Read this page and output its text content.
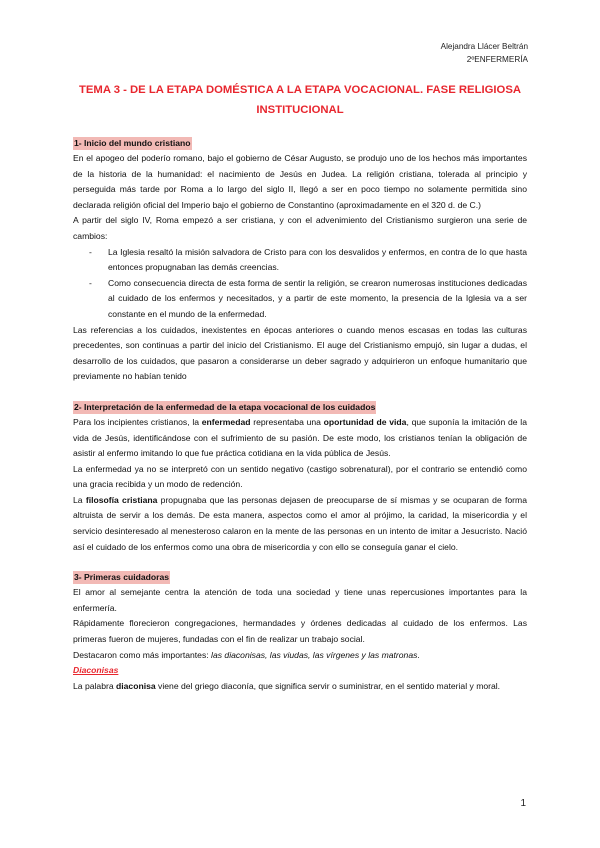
Alejandra Llácer Beltrán
2ºENFERMERÍA
TEMA 3 - DE LA ETAPA DOMÉSTICA A LA ETAPA VOCACIONAL. FASE RELIGIOSA
INSTITUCIONAL
1- Inicio del mundo cristiano

En el apogeo del poderío romano, bajo el gobierno de César Augusto, se produjo uno de los hechos más importantes de la historia de la humanidad: el nacimiento de Jesús en Judea. La religión cristiana, tolerada al principio y perseguida más tarde por Roma a lo largo del siglo II, llegó a ser en poco tiempo no solamente permitida sino declarada religión oficial del Imperio bajo el gobierno de Constantino (aproximadamente en el 320 d. de C.)

A partir del siglo IV, Roma empezó a ser cristiana, y con el advenimiento del Cristianismo surgieron una serie de cambios:

- La Iglesia resaltó la misión salvadora de Cristo para con los desvalidos y enfermos, en contra de lo que hasta entonces propugnaban las demás creencias.
- Como consecuencia directa de esta forma de sentir la religión, se crearon numerosas instituciones dedicadas al cuidado de los enfermos y necesitados, y a partir de este momento, la presencia de la Iglesia va a ser constante en el mundo de la enfermedad.

Las referencias a los cuidados, inexistentes en épocas anteriores o cuando menos escasas en todas las culturas precedentes, son continuas a partir del inicio del Cristianismo. El auge del Cristianismo empujó, sin lugar a dudas, el desarrollo de los cuidados, que pasaron a considerarse un deber sagrado y adquirieron un enfoque humanitario que previamente no habían tenido

2- Interpretación de la enfermedad de la etapa vocacional de los cuidados

Para los incipientes cristianos, la enfermedad representaba una oportunidad de vida, que suponía la imitación de la vida de Jesús, identificándose con el sufrimiento de su pasión. De este modo, los cristianos tenían la obligación de asistir al enfermo imitando lo que fue práctica cotidiana en la vida pública de Jesús.

La enfermedad ya no se interpretó con un sentido negativo (castigo sobrenatural), por el contrario se entendió como una gracia recibida y un modo de redención.

La filosofía cristiana propugnaba que las personas dejasen de preocuparse de sí mismas y se ocuparan de forma altruista de servir a los demás. De esta manera, aspectos como el amor al prójimo, la caridad, la misericordia y el servicio desinteresado al menesteroso calaron en la mente de las personas en un intento de imitar a Jesucristo. Nació así el cuidado de los enfermos como una obra de misericordia y con ello se conseguía ganar el cielo.

3- Primeras cuidadoras

El amor al semejante centra la atención de toda una sociedad y tiene unas repercusiones importantes para la enfermería.

Rápidamente florecieron congregaciones, hermandades y órdenes dedicadas al cuidado de los enfermos. Las primeras fueron de mujeres, fundadas con el fin de realizar un trabajo social.

Destacaron como más importantes: las diaconisas, las viudas, las vírgenes y las matronas.

Diaconisas

La palabra diaconisa viene del griego diaconía, que significa servir o suministrar, en el sentido material y moral.

1
